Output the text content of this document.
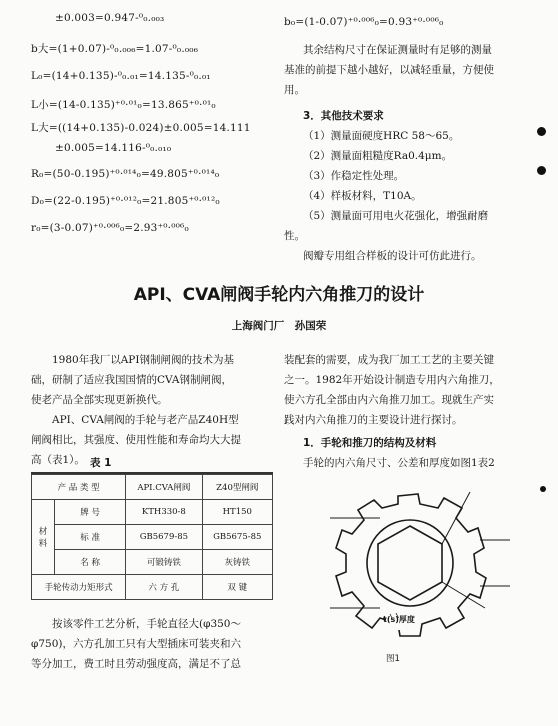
±0.003=0.947-⁰₀.₀₀₃
b大=(1+0.07)-⁰₀.₀₀₆=1.07-⁰₀.₀₀₆
L₀=(14+0.135)-⁰₀.₀₁=14.135-⁰₀.₀₁
L小=(14-0.135)⁺⁰·⁰¹₀=13.865⁺⁰·⁰¹₀
L大=((14+0.135)-0.024)±0.005=14.111
±0.005=14.116-⁰₀.₀₁₀
R₀=(50-0.195)⁺⁰·⁰¹⁴₀=49.805⁺⁰·⁰¹⁴₀
D₀=(22-0.195)⁺⁰·⁰¹²₀=21.805⁺⁰·⁰¹²₀
r₀=(3-0.07)⁺⁰·⁰⁰⁶₀=2.93⁺⁰·⁰⁰⁶₀
b₀=(1-0.07)⁺⁰·⁰⁰⁶₀=0.93⁺⁰·⁰⁰⁶₀
其余结构尺寸在保证测量时有足够的测量
基准的前提下越小越好，以减轻重量，方便使
用。
3．其他技术要求
（1）测量面硬度HRC 58～65。
（2）测量面粗糙度Ra0.4μm。
（3）作稳定性处理。
（4）样板材料，T10A。
（5）测量面可用电火花强化，增强耐磨
性。
阀瓣专用组合样板的设计可仿此进行。
API、CVA闸阀手轮内六角推刀的设计
上海阀门厂　孙国荣
1980年我厂以API钢制闸阀的技术为基
础，研制了适应我国国情的CVA钢制闸阀，
使老产品全部实现更新换代。
API、CVA闸阀的手轮与老产品Z40H型
闸阀相比，其强度、使用性能和寿命均大大提
高（表1）。 表 1
产 品 类 型		API.CVA闸阀	Z40型闸阀
材 料	牌 号	KTH330-8	HT150
	标 准	GB5679-85	GB5675-85
	名 称	可锻铸铁	灰铸铁
手轮传动力矩形式		六 方 孔	双 键
按该零件工艺分析，手轮直径大(φ350～
φ750)，六方孔加工只有大型插床可装夹和六
等分加工，费工时且劳动强度高，满足不了总
装配套的需要，成为我厂加工工艺的主要关键
之一。1982年开始设计制造专用内六角推刀，
使六方孔全部由内六角推刀加工。现就生产实
践对内六角推刀的主要设计进行探讨。
1．手轮和推刀的结构及材料
手轮的内六角尺寸、公差和厚度如图1表2
t(s)厚度
图1
